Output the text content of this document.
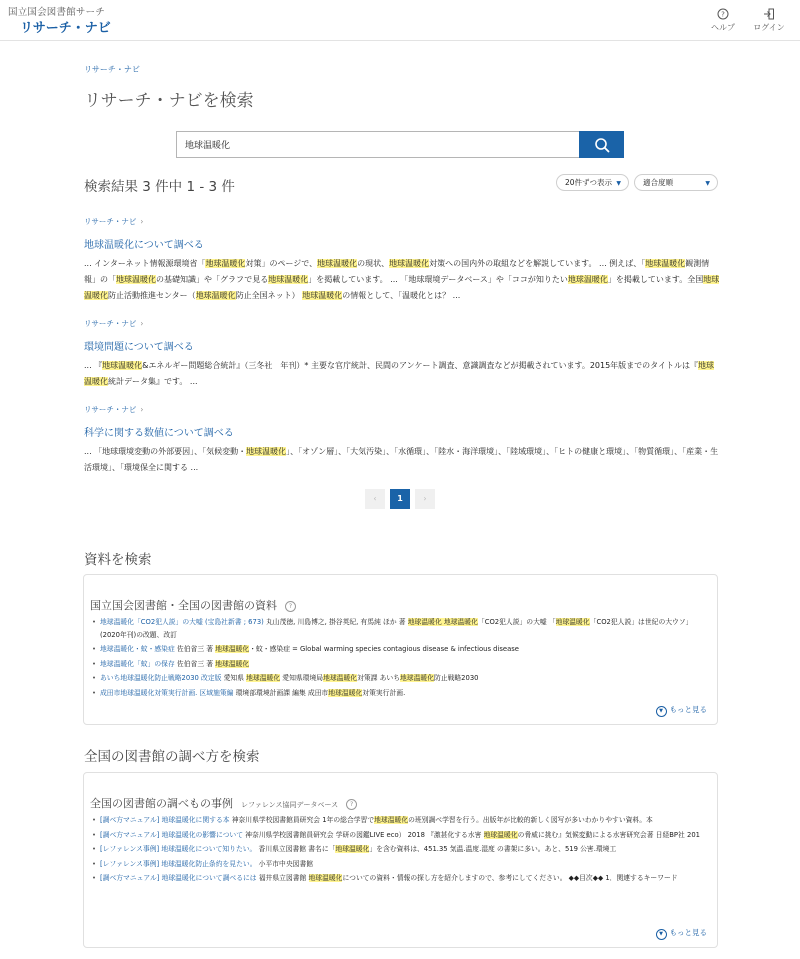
国立国会図書館サーチ
リサーチ・ナビ
?
ヘルプ	ログイン
リサーチ・ナビ
リサーチ・ナビを検索
地球温暖化
検索結果 3 件中 1 - 3 件	20件ずつ表示 ▼	適合度順	▼
リサーチ・ナビ ›
地球温暖化について調べる
... インターネット情報源環境省「地球温暖化対策」のページで、地球温暖化の現状、地球温暖化対策への国内外の取組などを解説しています。 ... 例えば、「地球温暖化観測情報」の「地球温暖化の基礎知識」や「グラフで見る地球温暖化」を掲載しています。 ... 「地球環境データベース」や「ココが知りたい地球温暖化」を掲載しています。全国地球温暖化防止活動推進センター（地球温暖化防止全国ネット） 地球温暖化の情報として、「温暖化とは？ ...
リサーチ・ナビ ›
環境問題について調べる
... 『地球温暖化&エネルギー問題総合統計』（三冬社　年刊）* 主要な官庁統計、民間のアンケート調査、意識調査などが掲載されています。2015年版までのタイトルは『地球温暖化統計データ集』です。 ...
リサーチ・ナビ ›
科学に関する数値について調べる
... 「地球環境変動の外部要因」、「気候変動・地球温暖化」、「オゾン層」、「大気汚染」、「水循環」、「陸水・海洋環境」、「陸域環境」、「ヒトの健康と環境」、「物質循環」、「産業・生活環境」、「環境保全に関する ...
‹	1	›
資料を検索
国立国会図書館・全国の図書館の資料 ?
• 地球温暖化「CO2犯人説」の大嘘 (宝島社新書 ; 673) 丸山茂徳, 川島博之, 掛谷英紀, 有馬純 ほか 著 地球温暖化 地球温暖化「CO2犯人説」の大嘘 「地球温暖化「CO2犯人説」は世紀の大ウソ」(2020年刊)の改題、改訂
• 地球温暖化・蚊・感染症 佐伯省三 著 地球温暖化・蚊・感染症 = Global warming species contagious disease & infectious disease
• 地球温暖化「蚊」の保存 佐伯省三 著 地球温暖化
• あいち地球温暖化防止戦略2030 改定版 愛知県 地球温暖化 愛知県環境局地球温暖化対策課 あいち地球温暖化防止戦略2030
• 成田市地球温暖化対策実行計画. 区域施策編 環境部環境計画課 編集 成田市地球温暖化対策実行計画.
▼ もっと見る
全国の図書館の調べ方を検索
全国の図書館の調べもの事例 レファレンス協同データベース ?
• [調べ方マニュアル] 地球温暖化に関する本 神奈川県学校図書館員研究会 1年の総合学習で地球温暖化の班別調べ学習を行う。出版年が比較的新しく図写が多いわかりやすい資料。本
• [調べ方マニュアル] 地球温暖化の影響について 神奈川県学校図書館員研究会 学研の図鑑LIVE eco） 2018 『激甚化する水害 地球温暖化の脅威に挑む』気候変動による水害研究会著 日経BP社 201
• [レファレンス事例] 地球温暖化について知りたい。 香川県立図書館 書名に「地球温暖化」を含む資料は、451.35 気温.温度.湿度 の書架に多い。あと、519 公害.環境工
• [レファレンス事例] 地球温暖化防止条約を見たい。 小平市中央図書館
• [調べ方マニュアル] 地球温暖化について調べるには 福井県立図書館 地球温暖化についての資料・情報の探し方を紹介しますので、参考にしてください。 ◆◆目次◆◆ 1．関連するキーワード
▼ もっと見る
